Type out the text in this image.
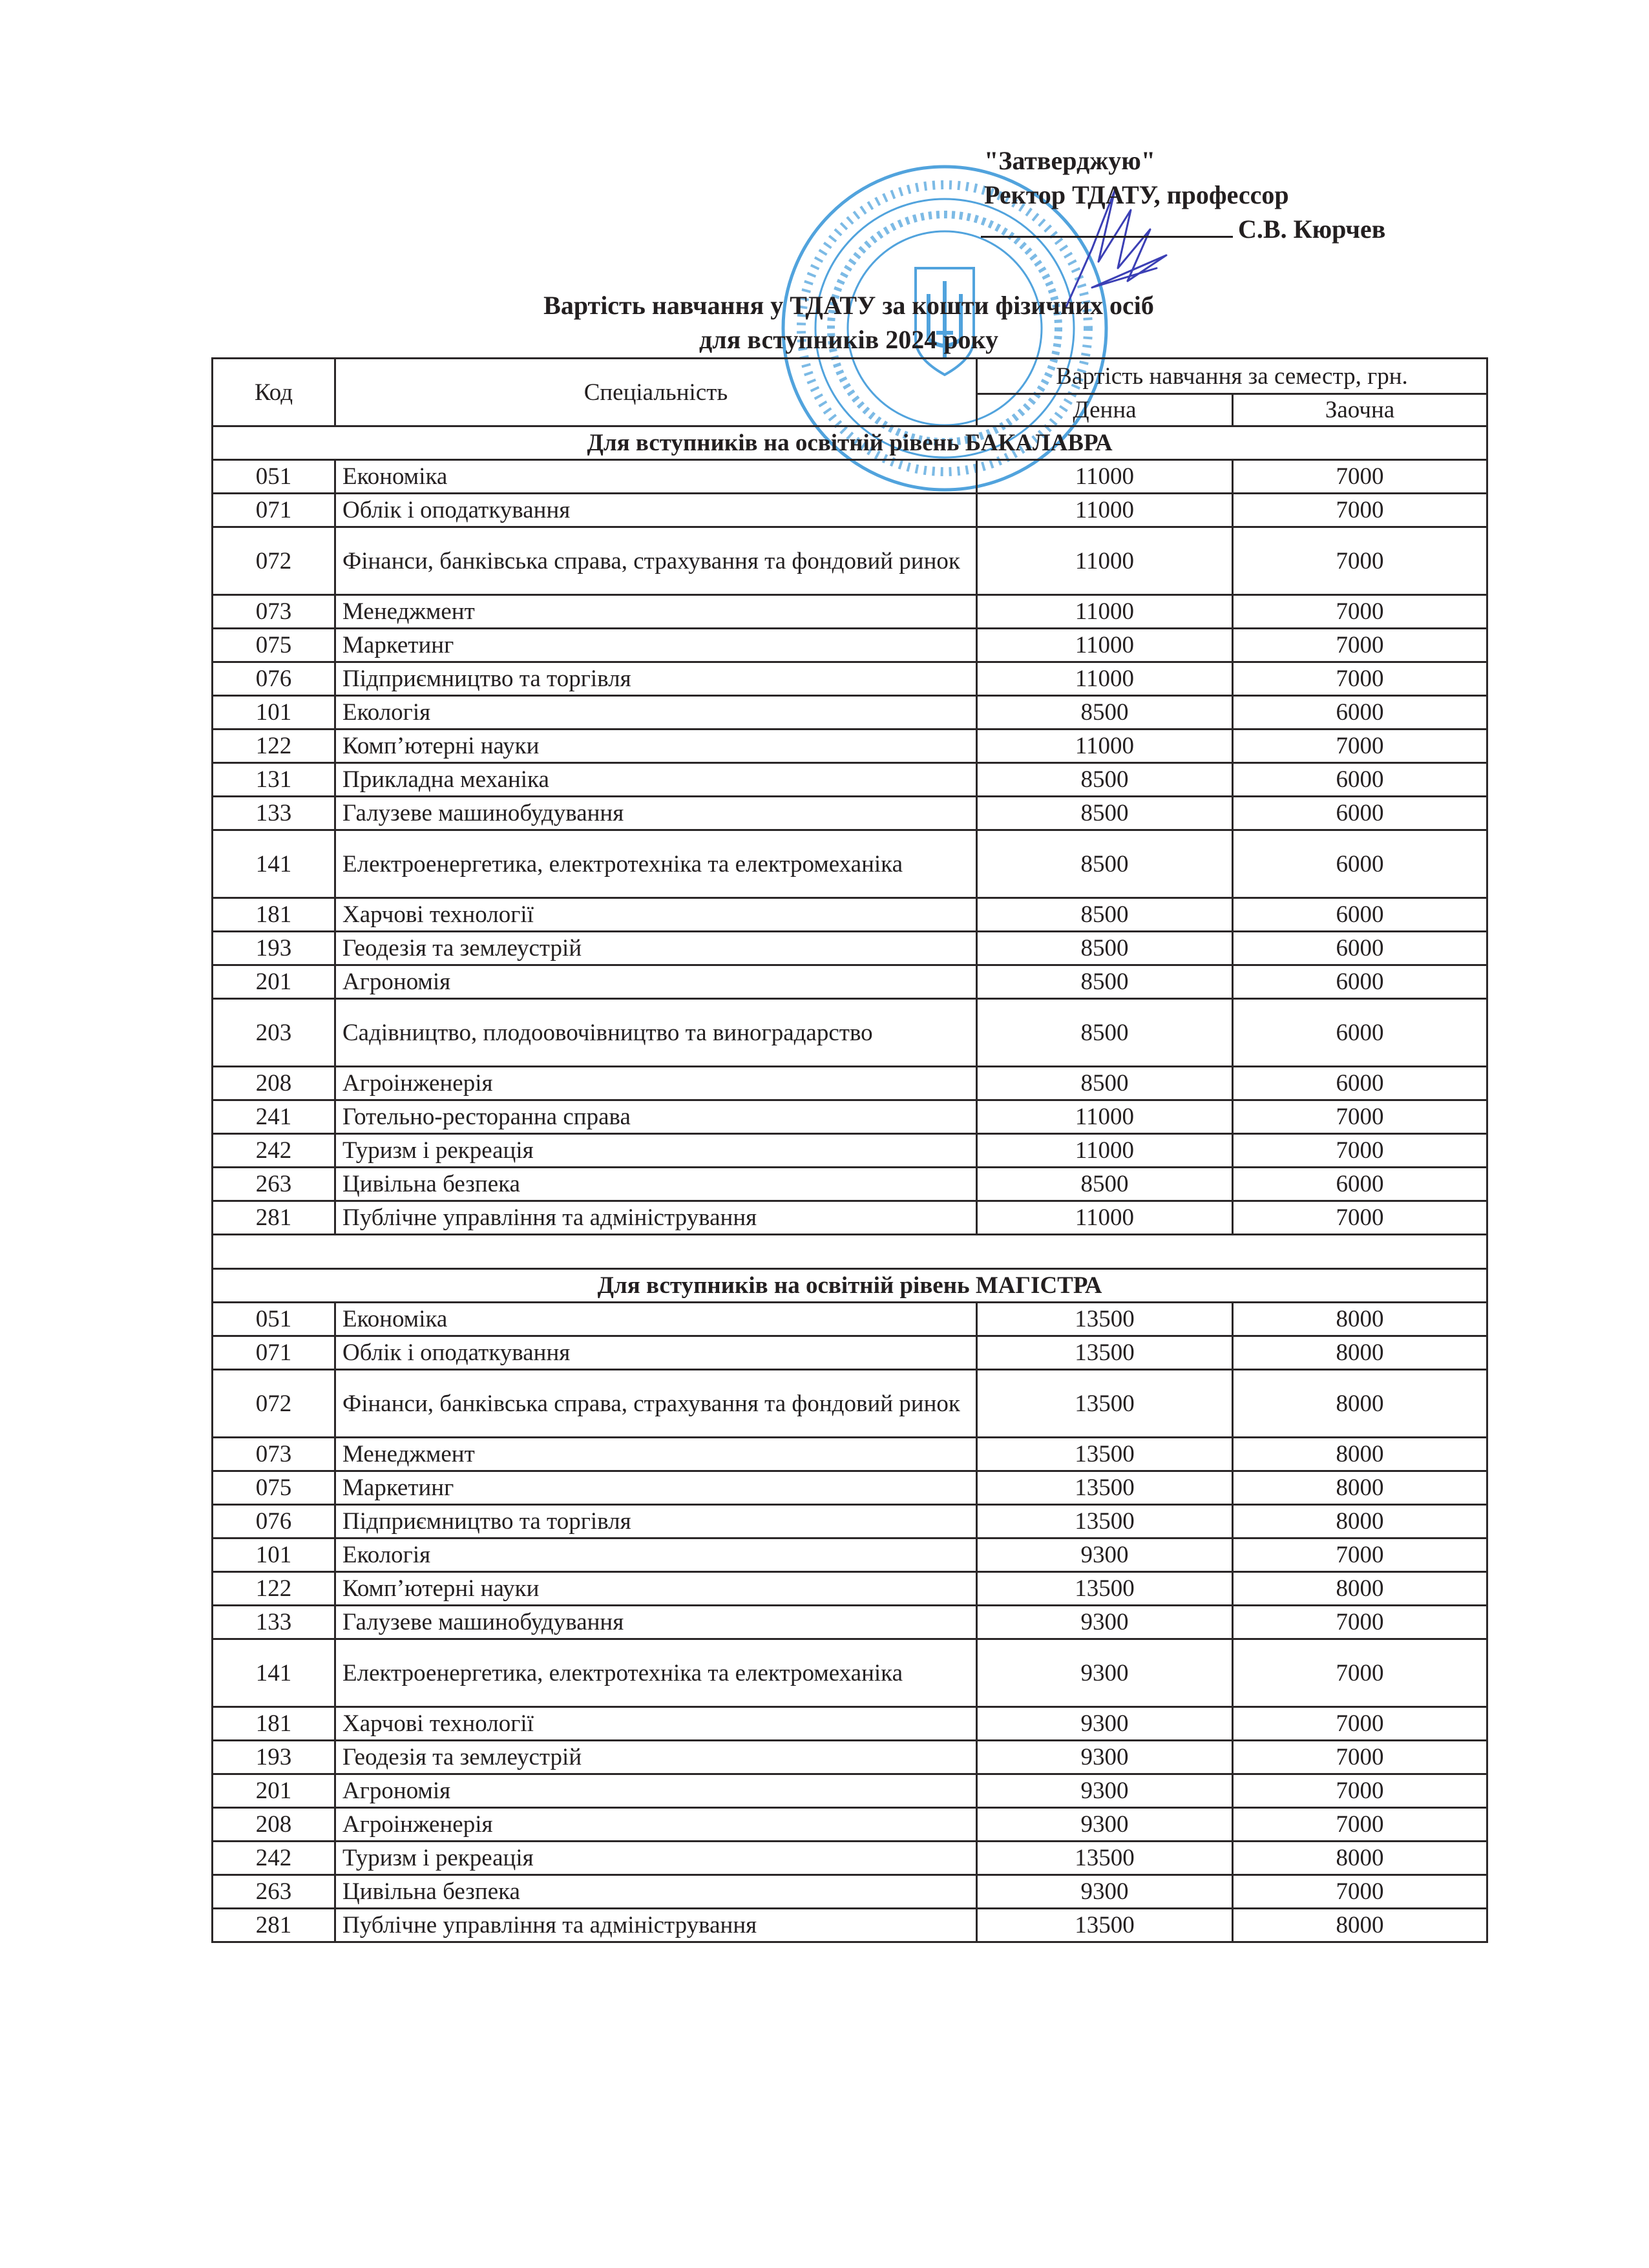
"Затверджую"
Ректор ТДАТУ, профессор
С.В. Кюрчев
Вартість навчання у ТДАТУ за кошти фізичних осіб
для вступників 2024 року
Код	Спеціальність	Вартість навчання за семестр, грн.	
		Денна	Заочна
Для вступників на освітній рівень БАКАЛАВРА			
051	Економіка	11000	7000
071	Облік і оподаткування	11000	7000
072	Фінанси, банківська справа, страхування та фондовий ринок	11000	7000
073	Менеджмент	11000	7000
075	Маркетинг	11000	7000
076	Підприємництво та торгівля	11000	7000
101	Екологія	8500	6000
122	Комп’ютерні науки	11000	7000
131	Прикладна механіка	8500	6000
133	Галузеве машинобудування	8500	6000
141	Електроенергетика, електротехніка та електромеханіка	8500	6000
181	Харчові технології	8500	6000
193	Геодезія та землеустрій	8500	6000
201	Агрономія	8500	6000
203	Садівництво, плодоовочівництво та виноградарство	8500	6000
208	Агроінженерія	8500	6000
241	Готельно-ресторанна справа	11000	7000
242	Туризм і рекреація	11000	7000
263	Цивільна безпека	8500	6000
281	Публічне управління та адміністрування	11000	7000

Для вступників на освітній рівень МАГІСТРА			
051	Економіка	13500	8000
071	Облік і оподаткування	13500	8000
072	Фінанси, банківська справа, страхування та фондовий ринок	13500	8000
073	Менеджмент	13500	8000
075	Маркетинг	13500	8000
076	Підприємництво та торгівля	13500	8000
101	Екологія	9300	7000
122	Комп’ютерні науки	13500	8000
133	Галузеве машинобудування	9300	7000
141	Електроенергетика, електротехніка та електромеханіка	9300	7000
181	Харчові технології	9300	7000
193	Геодезія та землеустрій	9300	7000
201	Агрономія	9300	7000
208	Агроінженерія	9300	7000
242	Туризм і рекреація	13500	8000
263	Цивільна безпека	9300	7000
281	Публічне управління та адміністрування	13500	8000
